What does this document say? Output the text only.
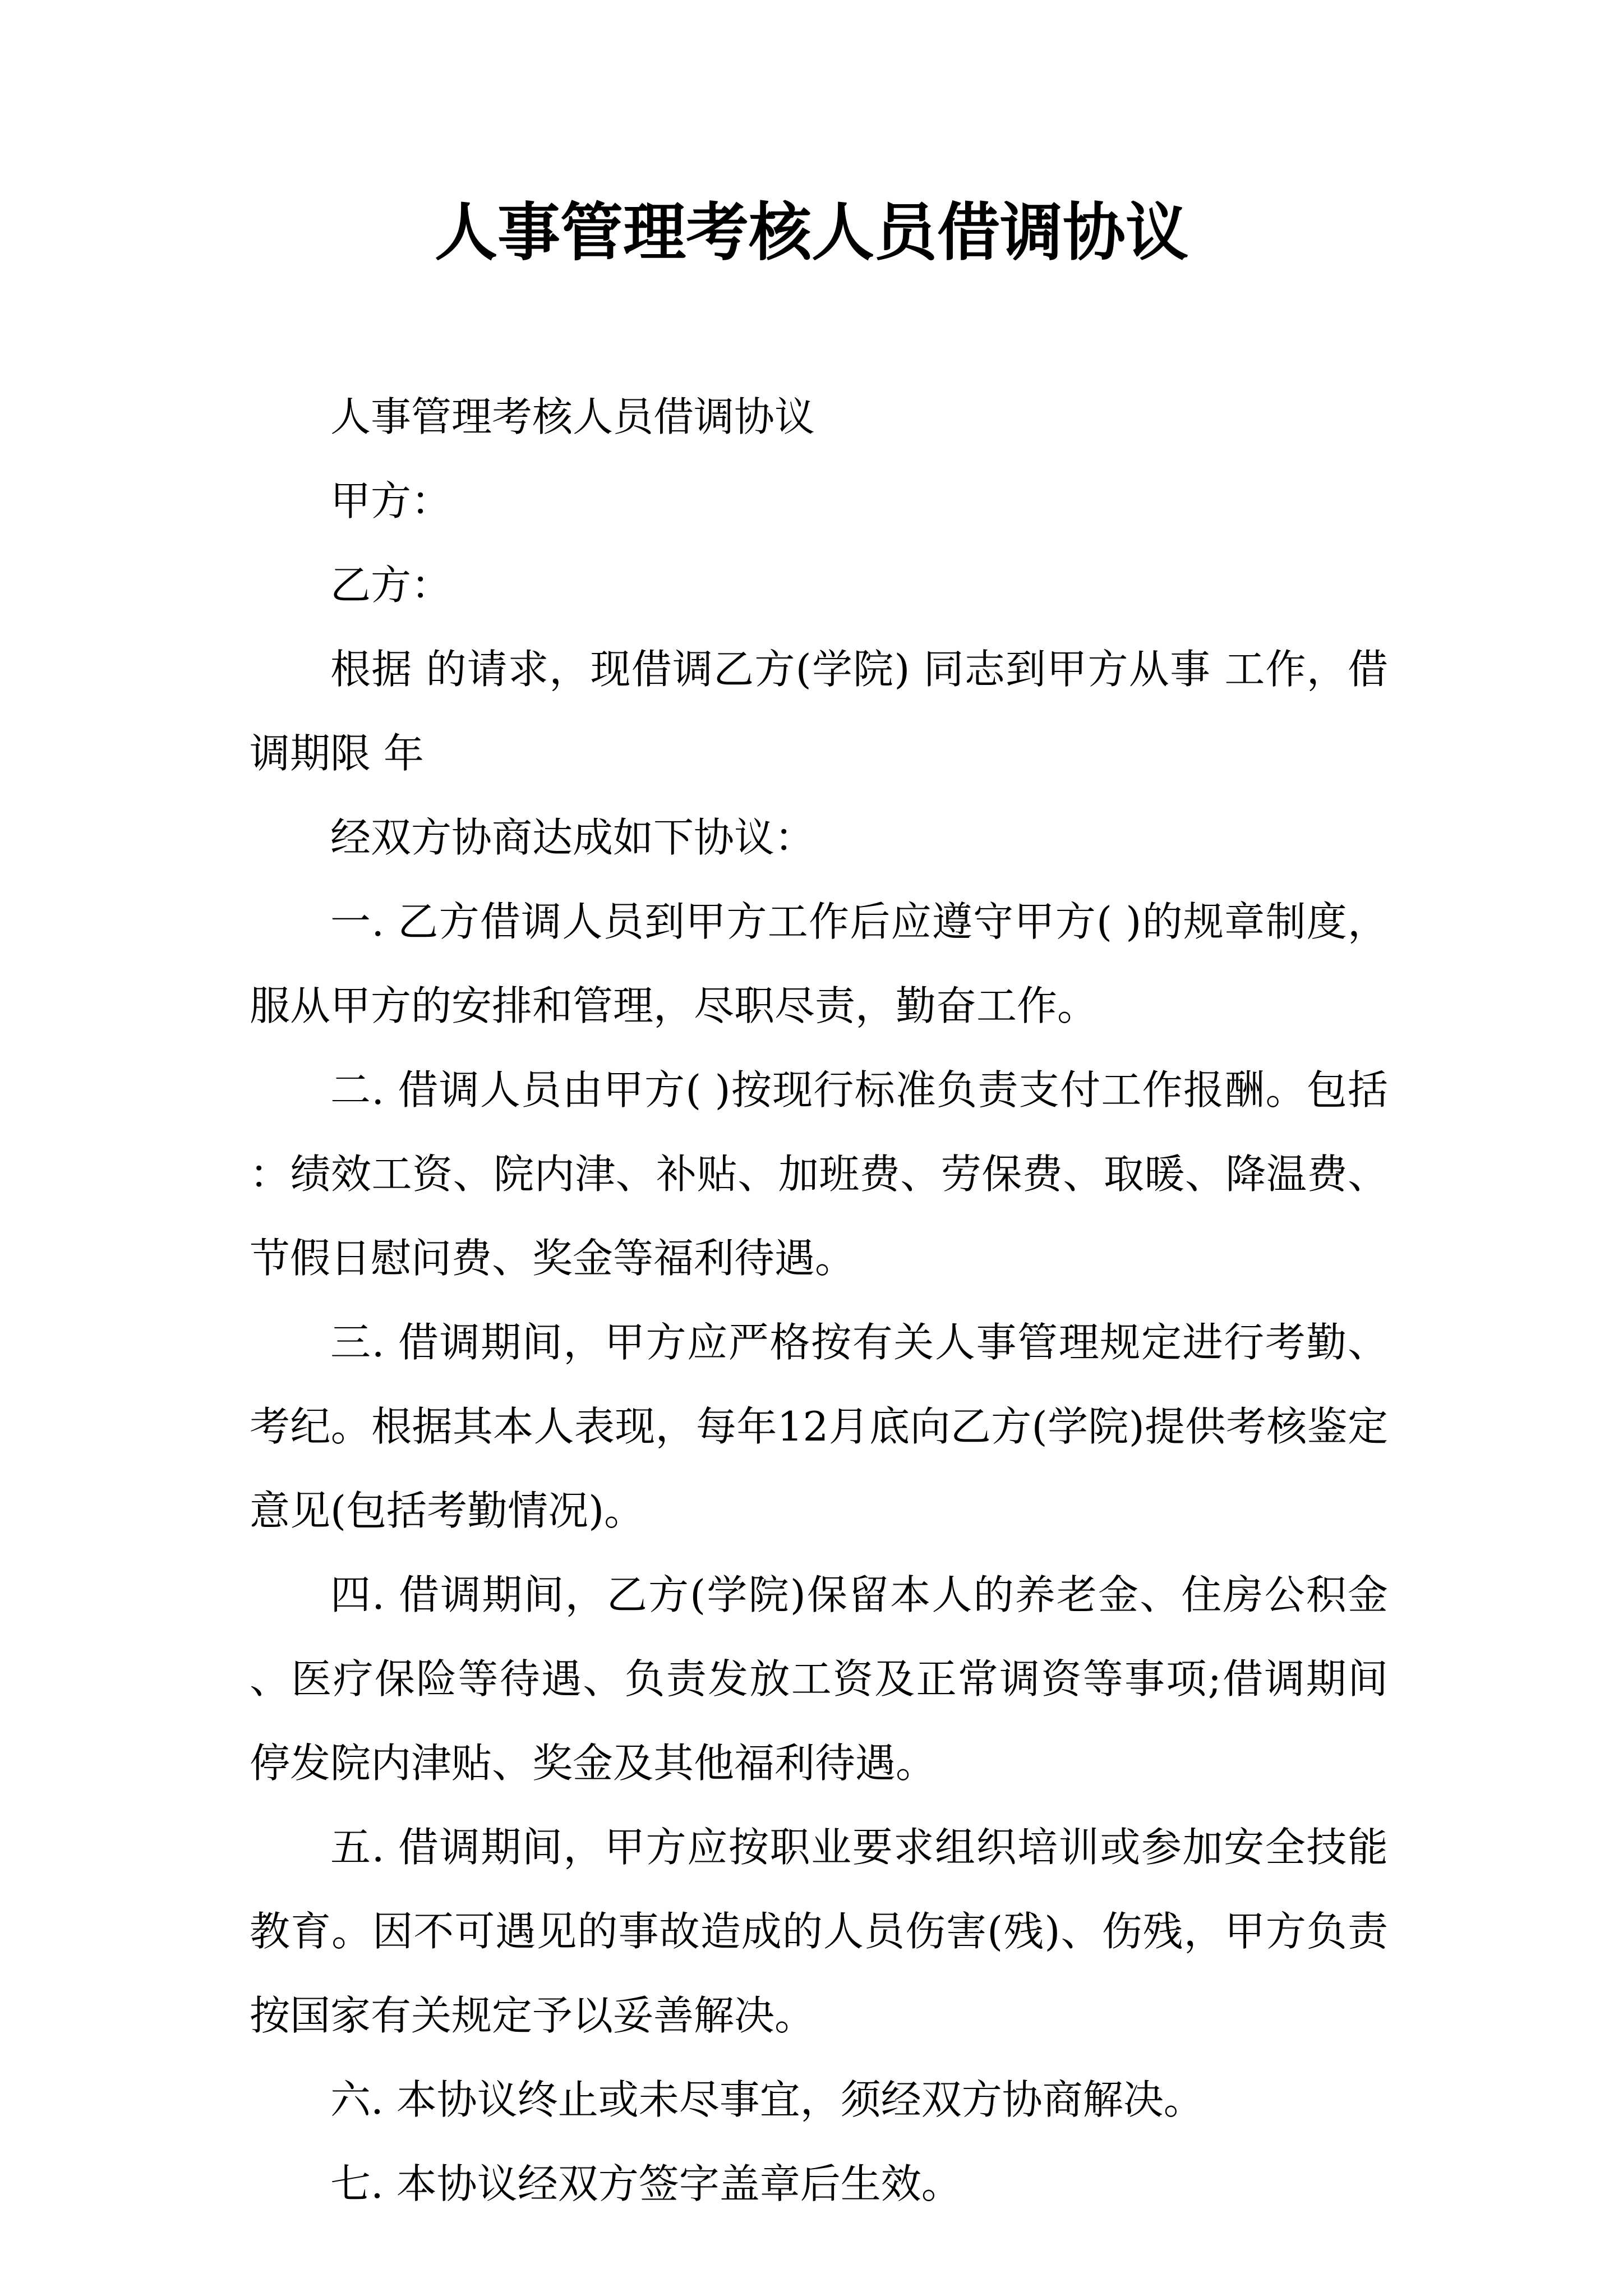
人事管理考核人员借调协议

人事管理考核人员借调协议

甲方：

乙方：

根据 的请求，现借调乙方(学院) 同志到甲方从事 工作，借调期限 年

经双方协商达成如下协议：

一. 乙方借调人员到甲方工作后应遵守甲方( )的规章制度，服从甲方的安排和管理，尽职尽责，勤奋工作。

二. 借调人员由甲方( )按现行标准负责支付工作报酬。包括：绩效工资、院内津、补贴、加班费、劳保费、取暖、降温费、节假日慰问费、奖金等福利待遇。

三. 借调期间，甲方应严格按有关人事管理规定进行考勤、考纪。根据其本人表现，每年12月底向乙方(学院)提供考核鉴定意见(包括考勤情况)。

四. 借调期间，乙方(学院)保留本人的养老金、住房公积金、医疗保险等待遇、负责发放工资及正常调资等事项;借调期间停发院内津贴、奖金及其他福利待遇。

五. 借调期间，甲方应按职业要求组织培训或参加安全技能教育。因不可遇见的事故造成的人员伤害(残)、伤残，甲方负责按国家有关规定予以妥善解决。

六. 本协议终止或未尽事宜，须经双方协商解决。

七. 本协议经双方签字盖章后生效。
